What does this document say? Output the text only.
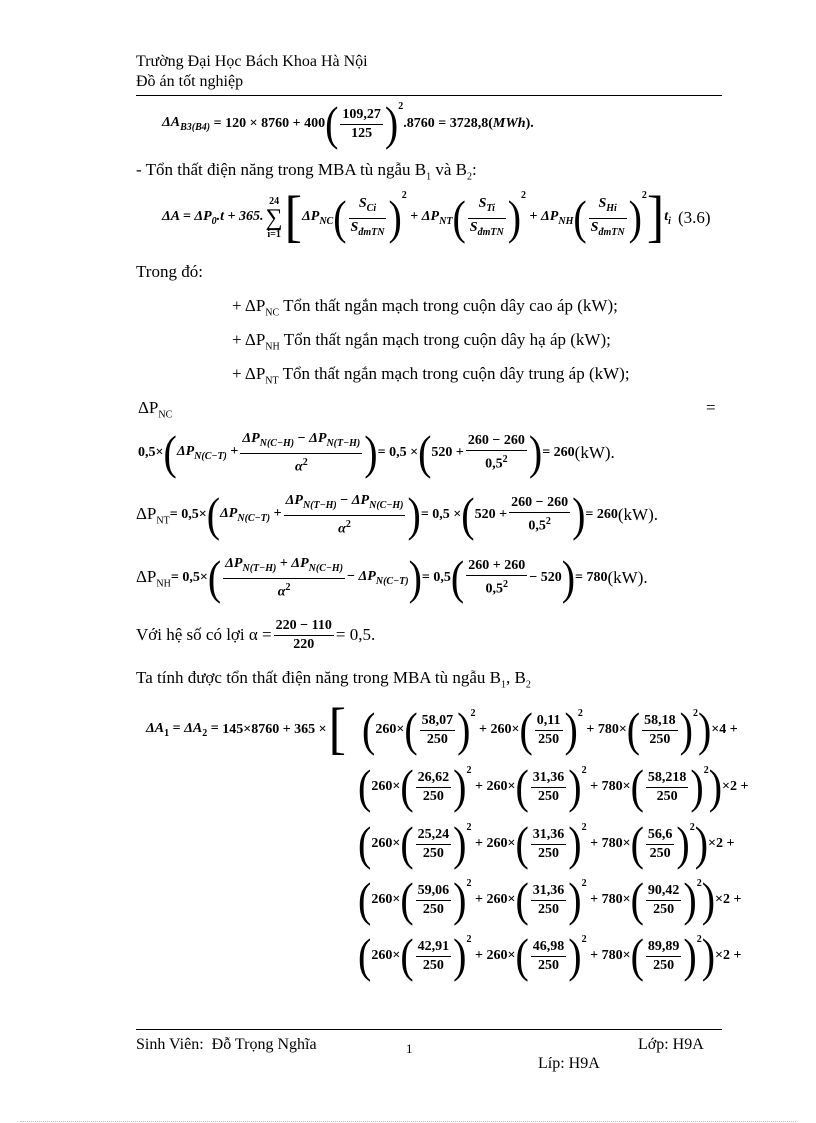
Trường Đại Học Bách Khoa Hà Nội
Đồ án tốt nghiệp
$\Delta A_{B3(B4)} = 120 \times 8760 + 400$ ( $\frac{109,27}{125} )^2$
.8760 = 3728,8(MWh).
- Tổn thất điện năng trong MBA tù ngẫu $B_1$ và $B_2$:
$\Delta A = \Delta P_0.t + 365$.
24
∑
i=1 [ $\Delta P_{NC}$ ( $\frac{S_{Ci}}{S_{đmTN}} )^2$
+ $\Delta P_{NT}$ ( $\frac{S_{Ti}}{S_{đmTN}} )^2$
+ $\Delta P_{NH}$ ( $\frac{S_{Hi}}{S_{đmTN}} )^2$ ] $t_i$ (3.6)
Trong đó:
+ $\Delta P_{NC}$ Tổn thất ngắn mạch trong cuộn dây cao áp (kW);
+ $\Delta P_{NH}$ Tổn thất ngắn mạch trong cuộn dây hạ áp (kW);
+ $\Delta P_{NT}$ Tổn thất ngắn mạch trong cuộn dây trung áp (kW);
$\Delta P_{NC}$	=
0,5× ( $\Delta P_{N(C-T)} + \frac{\Delta P_{N(C-H)} - \Delta P_{N(T-H)}}{\alpha^2}$ ) = 0,5 × ( $520 + \frac{260 - 260}{0,5^2}$ ) = 260 (kW).
$\Delta P_{NT} = 0,5\times$ ( $\Delta P_{N(C-T)} + \frac{\Delta P_{N(T-H)} - \Delta P_{N(C-H)}}{\alpha^2}$ ) = 0,5 × ( $520 + \frac{260 - 260}{0,5^2}$ ) = 260 (kW).
$\Delta P_{NH} = 0,5\times$ ( $\frac{\Delta P_{N(T-H)} + \Delta P_{N(C-H)}}{\alpha^2} - \Delta P_{N(C-T)}$ ) = 0,5 ( $\frac{260 + 260}{0,5^2} - 520$ ) = 780 (kW).
Với hệ số có lợi $\alpha = \frac{220 - 110}{220} = 0,5$.
Ta tính được tổn thất điện năng trong MBA tù ngẫu $B_1$, $B_2$
$\Delta A_1 = \Delta A_2 = 145\times 8760 + 365$ × [ ( 260× ( $\frac{58,07}{250} )^2$
+ 260× ( $\frac{0,11}{250} )^2$
+ 780× ( $\frac{58,18}{250} )^2$ ) ×4 +
( 260× ( $\frac{26,62}{250} )^2$
+ 260× ( $\frac{31,36}{250} )^2$
+ 780× ( $\frac{58,218}{250} )^2$ ) ×2 +
( 260× ( $\frac{25,24}{250} )^2$
+ 260× ( $\frac{31,36}{250} )^2$
+ 780× ( $\frac{56,6}{250} )^2$ ) ×2 +
( 260× ( $\frac{59,06}{250} )^2$
+ 260× ( $\frac{31,36}{250} )^2$
+ 780× ( $\frac{90,42}{250} )^2$ ) ×2 +
( 260× ( $\frac{42,91}{250} )^2$
+ 260× ( $\frac{46,98}{250} )^2$
+ 780× ( $\frac{89,89}{250} )^2$ ) ×2 +
Sinh Viên: Đỗ Trọng Nghĩa	1	Lớp: H9A
Líp: H9A
